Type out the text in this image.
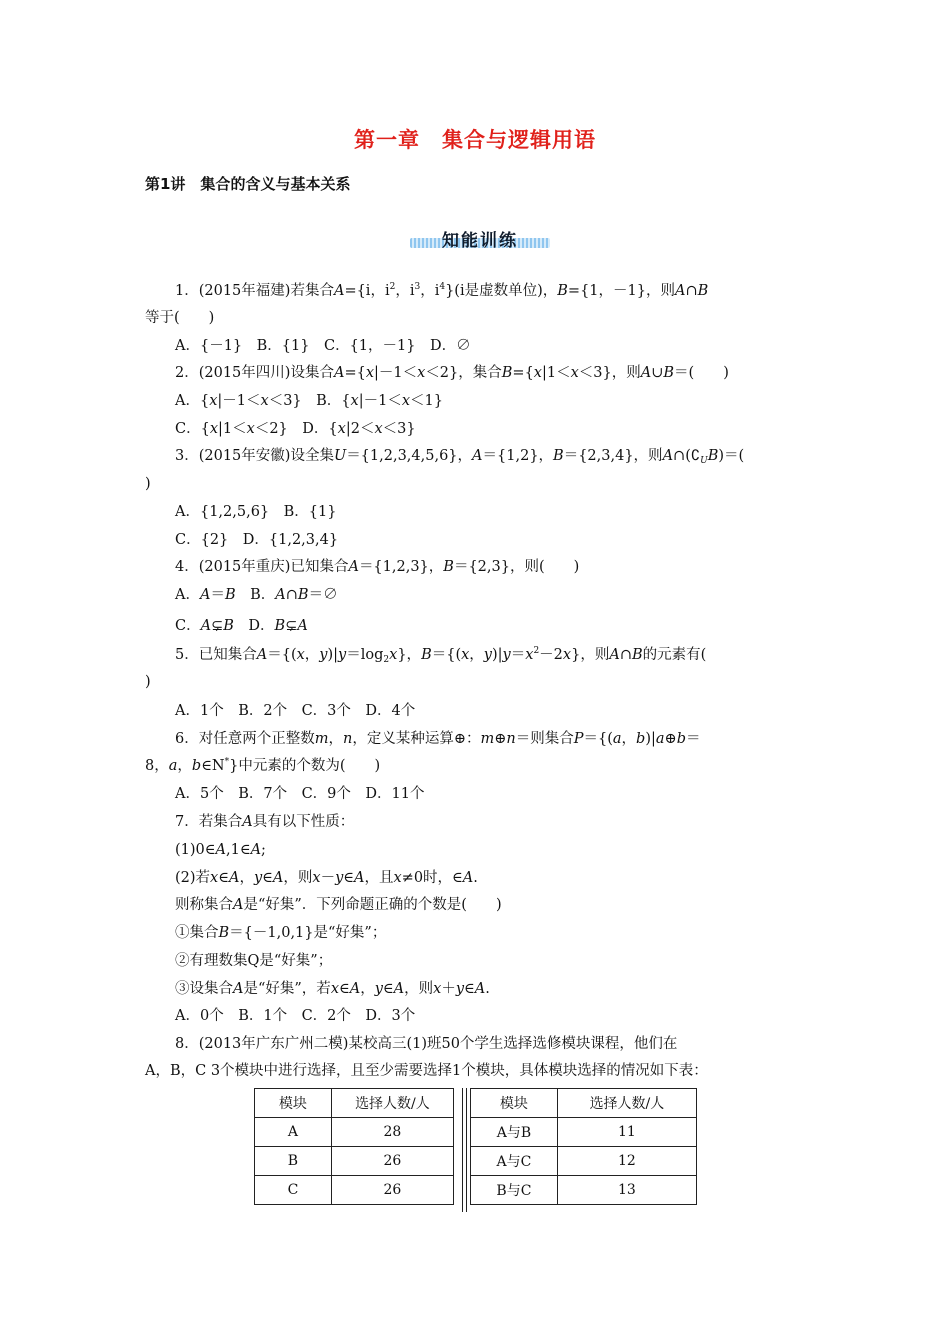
第一章　集合与逻辑用语
第1讲　集合的含义与基本关系
知能训练
1．(2015年福建)若集合A={i，$i^2$，$i^3$，$i^4\}(i$是虚数单位)，B={1，－1}，则A∩B
等于(　　)
A．{－1}　B．{1}　C．{1，－1}　D．∅
2．(2015年四川)设集合A={x|－1＜x＜2}，集合B={x|1＜x＜3}，则A∪B＝(　　)
A．{x|－1＜x＜3}　B．{x|－1＜x＜1}
C．{x|1＜x＜2}　D．{x|2＜x＜3}
3．(2015年安徽)设全集U＝{1,2,3,4,5,6}，A＝{1,2}，B＝{2,3,4}，则$A\cap(∁_UB)=$(
)
A．{1,2,5,6}　B．{1}
C．{2}　D．{1,2,3,4}
4．(2015年重庆)已知集合A＝{1,2,3}，B＝{2,3}，则(　　)
A．A＝B　B．A∩B＝∅
C．A⊊B　D．B⊊A
5．已知集合A＝{(x，$y)|y=\log_2x$}，B＝{(x，$y)|y=x^2-2x$}，则A∩B的元素有(
)
A．1个　B．2个　C．3个　D．4个
6．对任意两个正整数m，n，定义某种运算⊕：m⊕n＝则集合P＝{(a，b)|a⊕b＝
8，a，b∈N*}中元素的个数为(　　)
A．5个　B．7个　C．9个　D．11个
7．若集合A具有以下性质：
(1)0∈A,1∈A;
(2)若x∈A，y∈A，则x－y∈A，且x≠0时，∈A.
则称集合A是“好集”．下列命题正确的个数是(　　)
①集合B＝{－1,0,1}是“好集”；
②有理数集Q是“好集”；
③设集合A是“好集”，若x∈A，y∈A，则x＋y∈A.
A．0个　B．1个　C．2个　D．3个
8．(2013年广东广州二模)某校高三(1)班50个学生选择选修模块课程，他们在
A，B，C 3个模块中进行选择，且至少需要选择1个模块，具体模块选择的情况如下表：
模块	选择人数/人
A	28
B	26
C	26
模块	选择人数/人
A与B	11
A与C	12
B与C	13
